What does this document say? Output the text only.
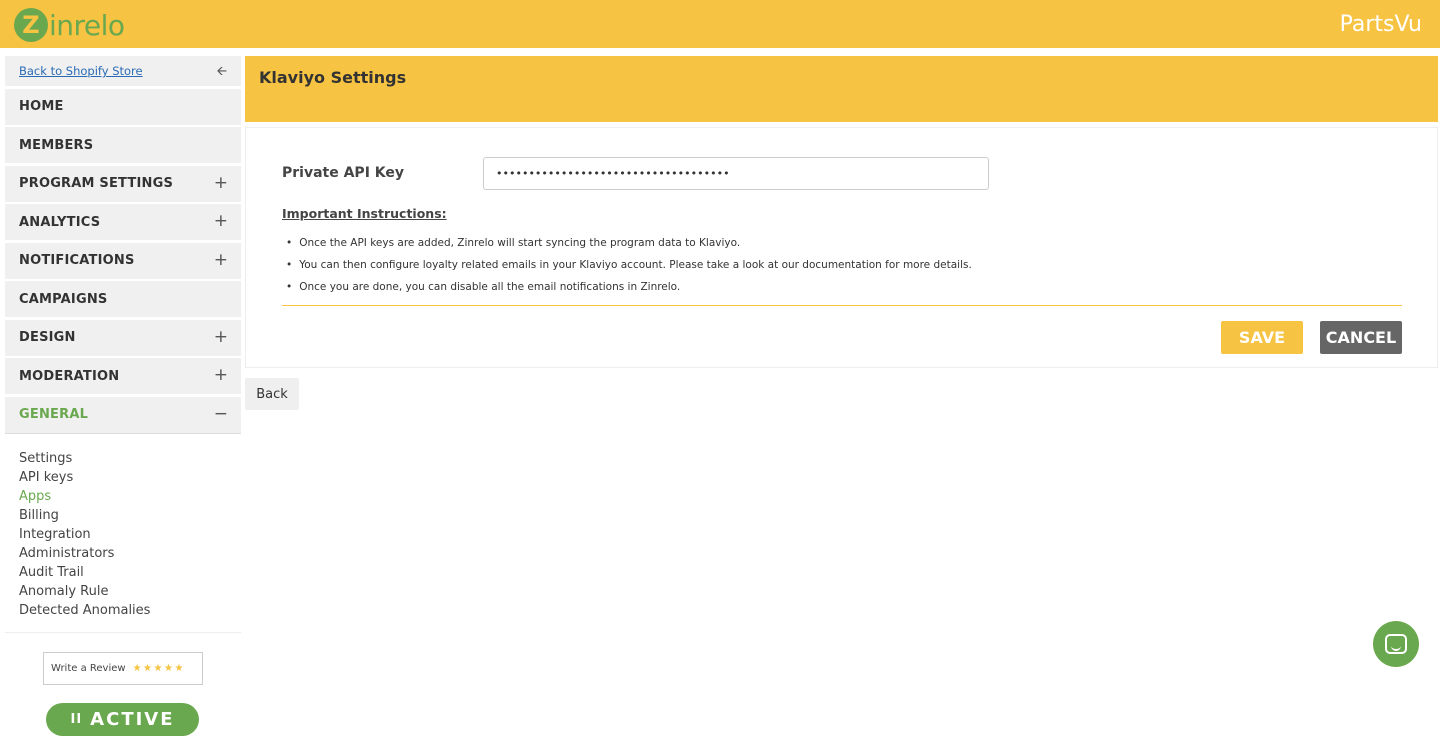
Z inrelo	PartsVu
Back to Shopify Store	🡨
HOME
MEMBERS
PROGRAM SETTINGS +
ANALYTICS	+
NOTIFICATIONS	+
CAMPAIGNS
DESIGN	+
MODERATION	+
GENERAL	−
Settings
API keys
Apps
Billing
Integration
Administrators
Audit Trail
Anomaly Rule
Detected Anomalies
Write a Review ★★★★★
II ACTIVE
Klaviyo Settings
Private API Key
••••••••••••••••••••••••••••••••••••
Important Instructions:
• Once the API keys are added, Zinrelo will start syncing the program data to Klaviyo.
• You can then configure loyalty related emails in your Klaviyo account. Please take a look at our documentation for more details.
• Once you are done, you can disable all the email notifications in Zinrelo.
SAVE	CANCEL
Back
